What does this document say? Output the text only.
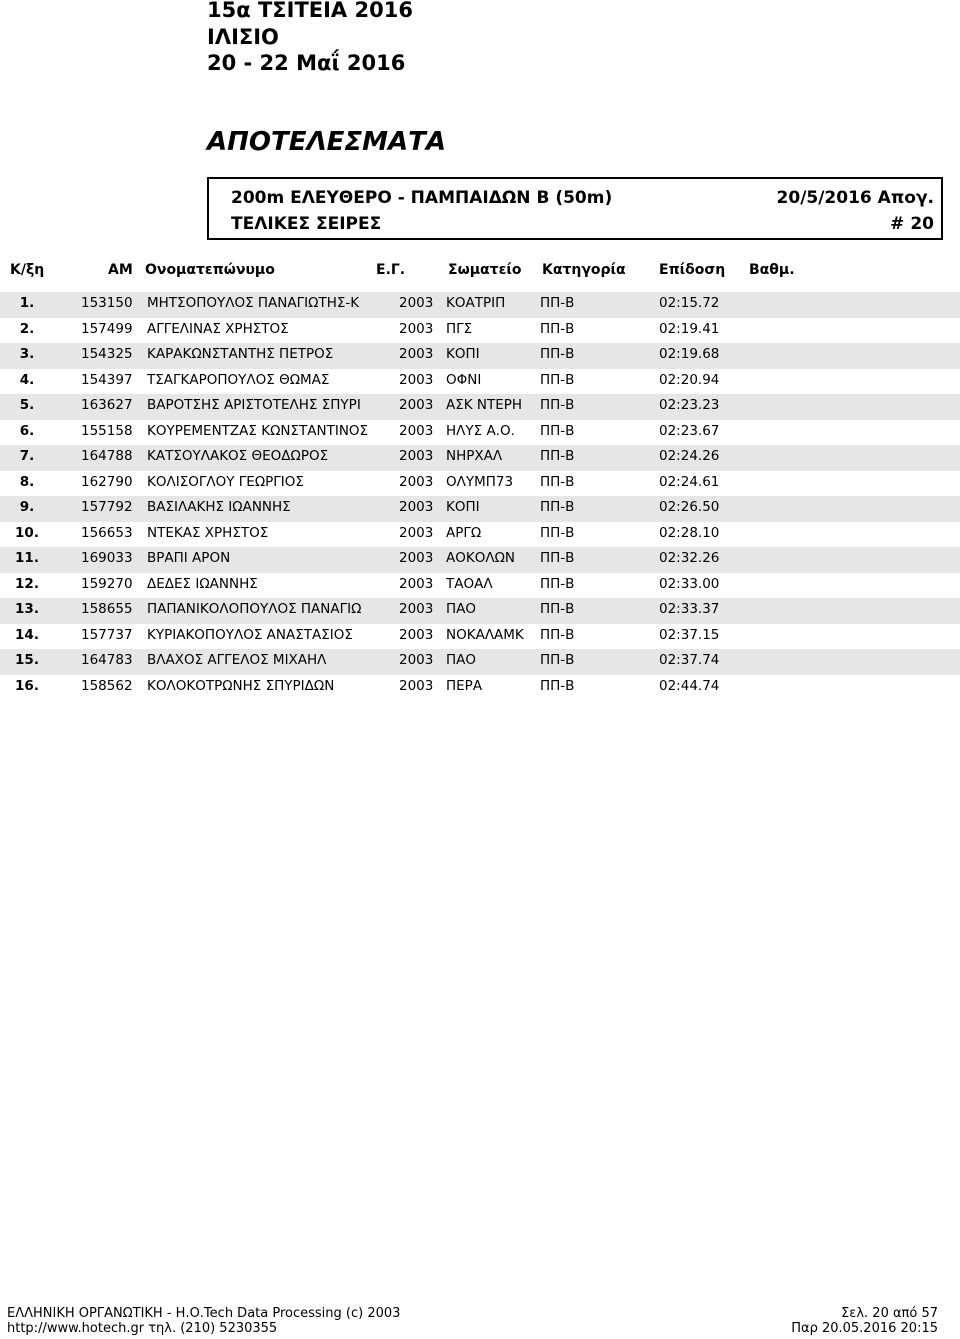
15α ΤΣΙΤΕΙΑ 2016
ΙΛΙΣΙΟ
20 - 22 Μαΐ 2016
ΑΠΟΤΕΛΕΣΜΑΤΑ
200m ΕΛΕΥΘΕΡΟ - ΠΑΜΠΑΙΔΩΝ Β (50m)	20/5/2016 Απογ.
ΤΕΛΙΚΕΣ ΣΕΙΡΕΣ	# 20
Κ/ξη	ΑΜ Ονοματεπώνυμο	Ε.Γ.	Σωματείο Κατηγορία Επίδοση Βαθμ.
1.	153150 ΜΗΤΣΟΠΟΥΛΟΣ ΠΑΝΑΓΙΩΤΗΣ-Κ	2003 ΚΟΑΤΡΙΠ	ΠΠ-Β	02:15.72
2.	157499 ΑΓΓΕΛΙΝΑΣ ΧΡΗΣΤΟΣ	2003 ΠΓΣ	ΠΠ-Β	02:19.41
3.	154325 ΚΑΡΑΚΩΝΣΤΑΝΤΗΣ ΠΕΤΡΟΣ	2003 ΚΟΠΙ	ΠΠ-Β	02:19.68
4.	154397 ΤΣΑΓΚΑΡΟΠΟΥΛΟΣ ΘΩΜΑΣ	2003 ΟΦΝΙ	ΠΠ-Β	02:20.94
5.	163627 ΒΑΡΟΤΣΗΣ ΑΡΙΣΤΟΤΕΛΗΣ ΣΠΥΡΙ	2003 ΑΣΚ ΝΤΕΡΗ ΠΠ-Β	02:23.23
6.	155158 ΚΟΥΡΕΜΕΝΤΖΑΣ ΚΩΝΣΤΑΝΤΙΝΟΣ 2003 ΗΛΥΣ Α.Ο. ΠΠ-Β	02:23.67
7.	164788 ΚΑΤΣΟΥΛΑΚΟΣ ΘΕΟΔΩΡΟΣ	2003 ΝΗΡΧΑΛ	ΠΠ-Β	02:24.26
8.	162790 ΚΟΛΙΣΟΓΛΟΥ ΓΕΩΡΓΙΟΣ	2003 ΟΛΥΜΠ73 ΠΠ-Β	02:24.61
9.	157792 ΒΑΣΙΛΑΚΗΣ ΙΩΑΝΝΗΣ	2003 ΚΟΠΙ	ΠΠ-Β	02:26.50
10.	156653 ΝΤΕΚΑΣ ΧΡΗΣΤΟΣ	2003 ΑΡΓΩ	ΠΠ-Β	02:28.10
11.	169033 ΒΡΑΠΙ ΑΡΟΝ	2003 ΑΟΚΟΛΩΝ ΠΠ-Β	02:32.26
12.	159270 ΔΕΔΕΣ ΙΩΑΝΝΗΣ	2003 ΤΑΟΑΛ	ΠΠ-Β	02:33.00
13.	158655 ΠΑΠΑΝΙΚΟΛΟΠΟΥΛΟΣ ΠΑΝΑΓΙΩ	2003 ΠΑΟ	ΠΠ-Β	02:33.37
14.	157737 ΚΥΡΙΑΚΟΠΟΥΛΟΣ ΑΝΑΣΤΑΣΙΟΣ	2003 ΝΟΚΑΛΑΜΚ ΠΠ-Β	02:37.15
15.	164783 ΒΛΑΧΟΣ ΑΓΓΕΛΟΣ ΜΙΧΑΗΛ	2003 ΠΑΟ	ΠΠ-Β	02:37.74
16.	158562 ΚΟΛΟΚΟΤΡΩΝΗΣ ΣΠΥΡΙΔΩΝ	2003 ΠΕΡΑ	ΠΠ-Β	02:44.74
ΕΛΛΗΝΙΚΗ ΟΡΓΑΝΩΤΙΚΗ - Η.Ο.Tech Data Processing (c) 2003
http://www.hotech.gr τηλ. (210) 5230355
Σελ. 20 από 57
Παρ 20.05.2016 20:15
